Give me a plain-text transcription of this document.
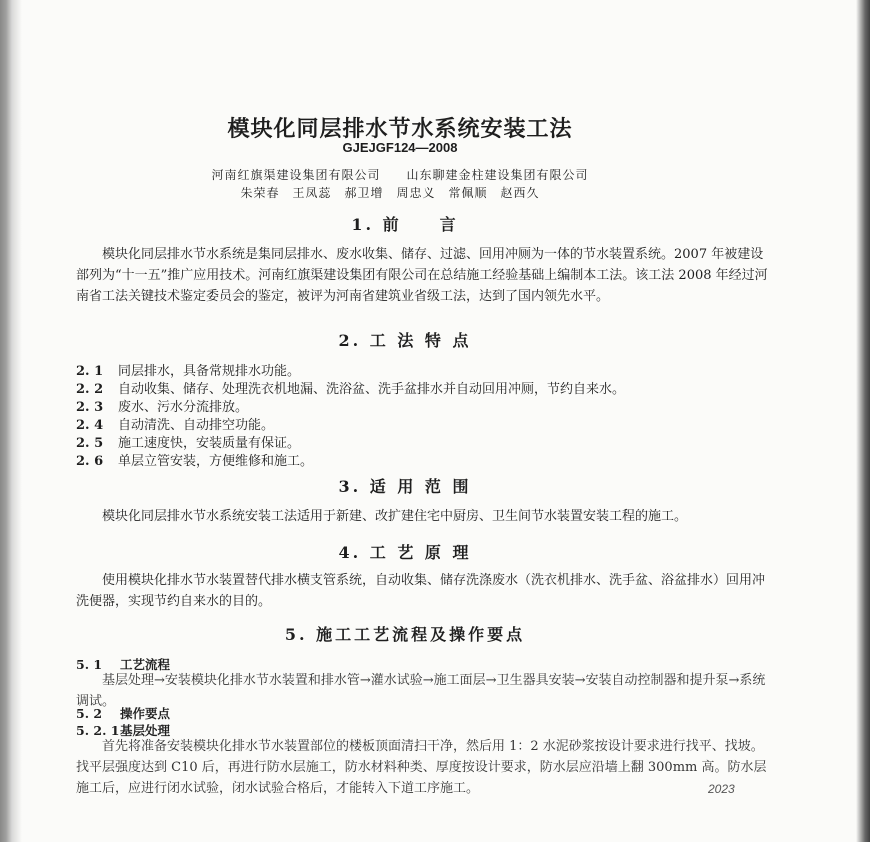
模块化同层排水节水系统安装工法
GJEJGF124—2008
河南红旗渠建设集团有限公司　　山东聊建金柱建设集团有限公司
朱荣春　王凤蕊　郝卫增　周忠义　常佩顺　赵西久
1. 前　　言
模块化同层排水节水系统是集同层排水、废水收集、储存、过滤、回用冲厕为一体的节水装置系统。2007 年被建设部列为“十一五”推广应用技术。河南红旗渠建设集团有限公司在总结施工经验基础上编制本工法。该工法 2008 年经过河南省工法关键技术鉴定委员会的鉴定，被评为河南省建筑业省级工法，达到了国内领先水平。
2. 工 法 特 点
2. 1 同层排水，具备常规排水功能。
2. 2 自动收集、储存、处理洗衣机地漏、洗浴盆、洗手盆排水并自动回用冲厕，节约自来水。
2. 3 废水、污水分流排放。
2. 4 自动清洗、自动排空功能。
2. 5 施工速度快，安装质量有保证。
2. 6 单层立管安装，方便维修和施工。
3. 适 用 范 围
模块化同层排水节水系统安装工法适用于新建、改扩建住宅中厨房、卫生间节水装置安装工程的施工。
4. 工 艺 原 理
使用模块化排水节水装置替代排水横支管系统，自动收集、储存洗涤废水（洗衣机排水、洗手盆、浴盆排水）回用冲洗便器，实现节约自来水的目的。
5. 施工工艺流程及操作要点
5. 1 工艺流程
基层处理→安装模块化排水节水装置和排水管→灌水试验→施工面层→卫生器具安装→安装自动控制器和提升泵→系统调试。
5. 2 操作要点
5. 2. 1基层处理
首先将准备安装模块化排水节水装置部位的楼板顶面清扫干净，然后用 1：2 水泥砂浆按设计要求进行找平、找坡。找平层强度达到 C10 后，再进行防水层施工，防水材料种类、厚度按设计要求，防水层应沿墙上翻 300mm 高。防水层施工后，应进行闭水试验，闭水试验合格后，才能转入下道工序施工。	2023
